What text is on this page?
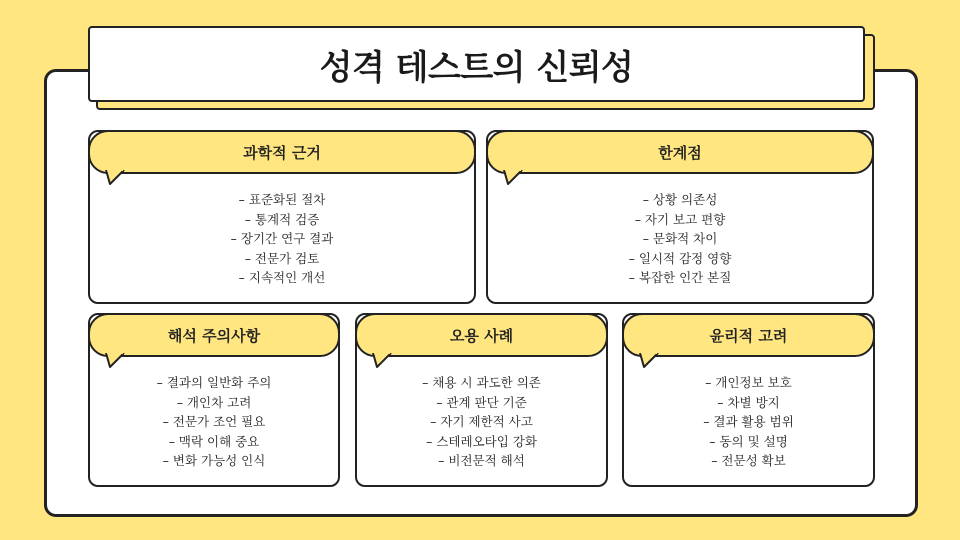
성격 테스트의 신뢰성
과학적 근거
– 표준화된 절차
– 통계적 검증
– 장기간 연구 결과
– 전문가 검토
– 지속적인 개선
한계점
– 상황 의존성
– 자기 보고 편향
– 문화적 차이
– 일시적 감정 영향
– 복잡한 인간 본질
해석 주의사항
– 결과의 일반화 주의
– 개인차 고려
– 전문가 조언 필요
– 맥락 이해 중요
– 변화 가능성 인식
오용 사례
– 채용 시 과도한 의존
– 관계 판단 기준
– 자기 제한적 사고
– 스테레오타입 강화
– 비전문적 해석
윤리적 고려
– 개인정보 보호
– 차별 방지
– 결과 활용 범위
– 동의 및 설명
– 전문성 확보
